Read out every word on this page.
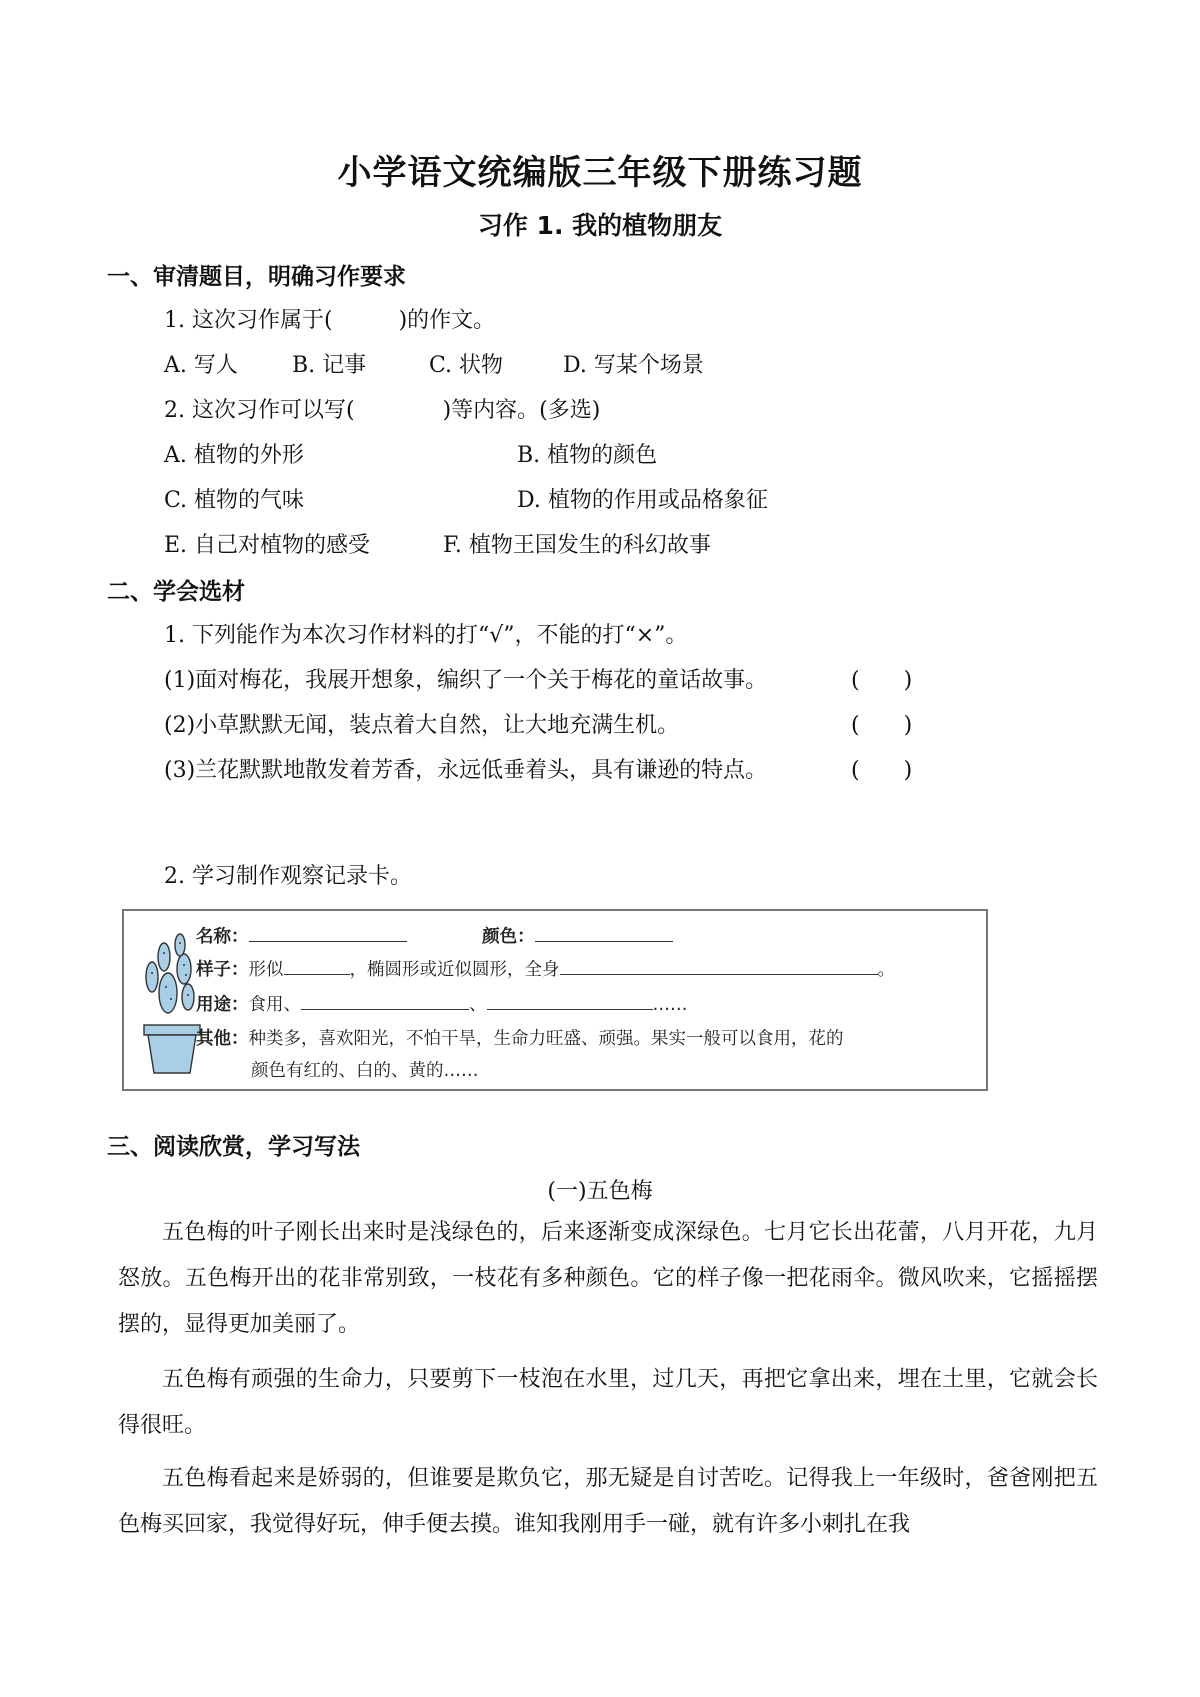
小学语文统编版三年级下册练习题
习作 1. 我的植物朋友
一、审清题目，明确习作要求
1. 这次习作属于(　　　)的作文。
A. 写人 B. 记事	C. 状物	D. 写某个场景
2. 这次习作可以写(　　　　)等内容。(多选)
A. 植物的外形	B. 植物的颜色
C. 植物的气味	D. 植物的作用或品格象征
E. 自己对植物的感受	F. 植物王国发生的科幻故事
二、学会选材
1. 下列能作为本次习作材料的打“√”，不能的打“×”。
(1)面对梅花，我展开想象，编织了一个关于梅花的童话故事。	(　　)
(2)小草默默无闻，装点着大自然，让大地充满生机。	(　　)
(3)兰花默默地散发着芳香，永远低垂着头，具有谦逊的特点。	(　　)
2. 学习制作观察记录卡。
名称：	颜色：
样子：形似	，椭圆形或近似圆形，全身	。
用途：食用、	、	……
其他：种类多，喜欢阳光，不怕干旱，生命力旺盛、顽强。果实一般可以食用，花的
颜色有红的、白的、黄的……
三、阅读欣赏，学习写法
(一)五色梅
五色梅的叶子刚长出来时是浅绿色的，后来逐渐变成深绿色。七月它长出花蕾，八月开花，九月怒放。五色梅开出的花非常别致，一枝花有多种颜色。它的样子像一把花雨伞。微风吹来，它摇摇摆摆的，显得更加美丽了。
五色梅有顽强的生命力，只要剪下一枝泡在水里，过几天，再把它拿出来，埋在土里，它就会长得很旺。
五色梅看起来是娇弱的，但谁要是欺负它，那无疑是自讨苦吃。记得我上一年级时，爸爸刚把五色梅买回家，我觉得好玩，伸手便去摸。谁知我刚用手一碰，就有许多小刺扎在我
